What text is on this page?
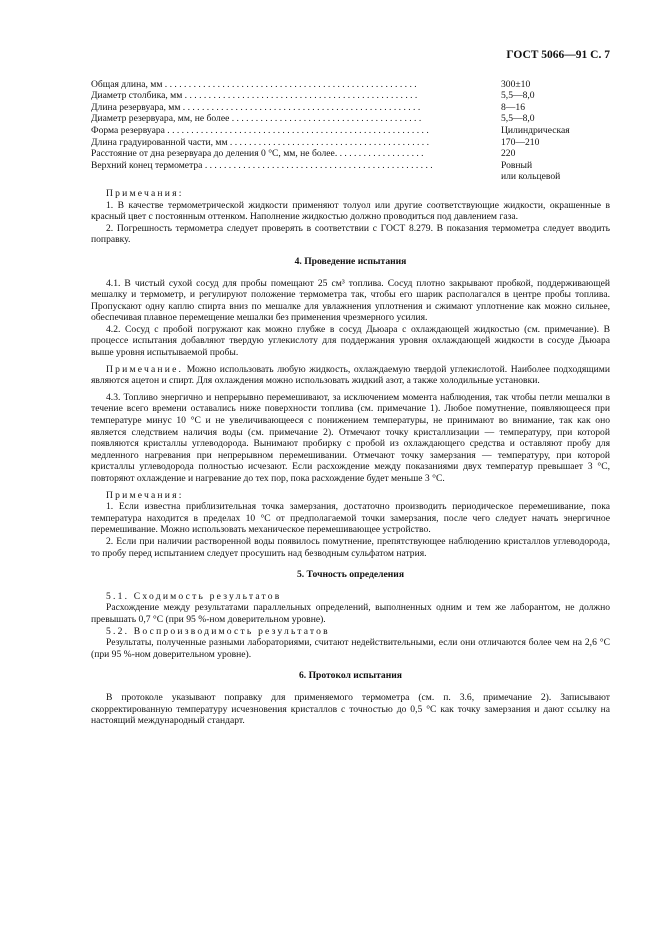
ГОСТ 5066—91 С. 7
Общая длина, мм . . . . . . . . . . . . . . . . . . . . . . . . . . . . . . . . . . . . . . . . . . . . . . . . . . . . .	300±10
Диаметр столбика, мм . . . . . . . . . . . . . . . . . . . . . . . . . . . . . . . . . . . . . . . . . . . . . . . . .	5,5—8,0
Длина резервуара, мм . . . . . . . . . . . . . . . . . . . . . . . . . . . . . . . . . . . . . . . . . . . . . . . . . .	8—16
Диаметр резервуара, мм, не более . . . . . . . . . . . . . . . . . . . . . . . . . . . . . . . . . . . . . . . .	5,5—8,0
Форма резервуара . . . . . . . . . . . . . . . . . . . . . . . . . . . . . . . . . . . . . . . . . . . . . . . . . . . . . . .	Цилиндрическая
Длина градуированной части, мм . . . . . . . . . . . . . . . . . . . . . . . . . . . . . . . . . . . . . . . . . .	170—210
Расстояние от дна резервуара до деления 0 °С, мм, не более. . . . . . . . . . . . . . . . . . .	220
Верхний конец термометра . . . . . . . . . . . . . . . . . . . . . . . . . . . . . . . . . . . . . . . . . . . . . . . .	Ровный
или кольцевой

Примечания:

1. В качестве термометрической жидкости применяют толуол или другие соответствующие жидкости, окрашенные в красный цвет с постоянным оттенком. Наполнение жидкостью должно проводиться под давлением газа.

2. Погрешность термометра следует проверять в соответствии с ГОСТ 8.279. В показания термометра следует вводить поправку.

4. Проведение испытания

4.1. В чистый сухой сосуд для пробы помещают 25 см³ топлива. Сосуд плотно закрывают пробкой, поддерживающей мешалку и термометр, и регулируют положение термометра так, чтобы его шарик располагался в центре пробы топлива. Пропускают одну каплю спирта вниз по мешалке для увлажнения уплотнения и сжимают уплотнение как можно сильнее, обеспечивая плавное перемещение мешалки без применения чрезмерного усилия.

4.2. Сосуд с пробой погружают как можно глубже в сосуд Дьюара с охлаждающей жидкостью (см. примечание). В процессе испытания добавляют твердую углекислоту для поддержания уровня охлаждающей жидкости в сосуде Дьюара выше уровня испытываемой пробы.

Примечание. Можно использовать любую жидкость, охлаждаемую твердой углекислотой. Наиболее подходящими являются ацетон и спирт. Для охлаждения можно использовать жидкий азот, а также холодильные установки.

4.3. Топливо энергично и непрерывно перемешивают, за исключением момента наблюдения, так чтобы петли мешалки в течение всего времени оставались ниже поверхности топлива (см. примечание 1). Любое помутнение, появляющееся при температуре минус 10 °С и не увеличивающееся с понижением температуры, не принимают во внимание, так как оно является следствием наличия воды (см. примечание 2). Отмечают точку кристаллизации — температуру, при которой появляются кристаллы углеводорода. Вынимают пробирку с пробой из охлаждающего средства и оставляют пробу для медленного нагревания при непрерывном перемешивании. Отмечают точку замерзания — температуру, при которой кристаллы углеводорода полностью исчезают. Если расхождение между показаниями двух температур превышает 3 °С, повторяют охлаждение и нагревание до тех пор, пока расхождение будет меньше 3 °С.

Примечания:

1. Если известна приблизительная точка замерзания, достаточно производить периодическое перемешивание, пока температура находится в пределах 10 °С от предполагаемой точки замерзания, после чего следует начать энергичное перемешивание. Можно использовать механическое перемешивающее устройство.

2. Если при наличии растворенной воды появилось помутнение, препятствующее наблюдению кристаллов углеводорода, то пробу перед испытанием следует просушить над безводным сульфатом натрия.

5. Точность определения

5.1. Сходимость результатов

Расхождение между результатами параллельных определений, выполненных одним и тем же лаборантом, не должно превышать 0,7 °С (при 95 %-ном доверительном уровне).

5.2. Воспроизводимость результатов

Результаты, полученные разными лабораториями, считают недействительными, если они отличаются более чем на 2,6 °С (при 95 %-ном доверительном уровне).

6. Протокол испытания

В протоколе указывают поправку для применяемого термометра (см. п. 3.6, примечание 2). Записывают скорректированную температуру исчезновения кристаллов с точностью до 0,5 °С как точку замерзания и дают ссылку на настоящий международный стандарт.
